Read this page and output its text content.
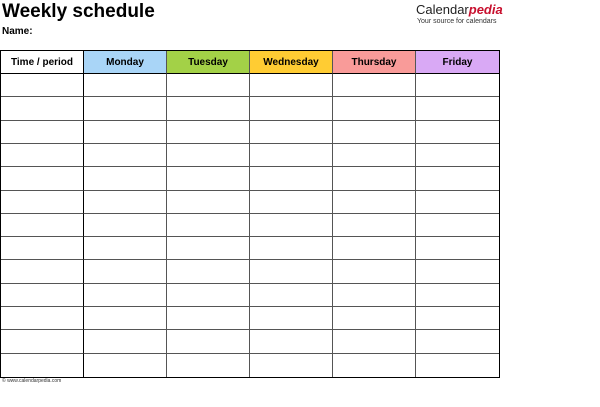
Weekly schedule
Name:
Calendarpedia
Your source for calendars
Time / period	Monday	Tuesday	Wednesday	Thursday	Friday
© www.calendarpedia.com
